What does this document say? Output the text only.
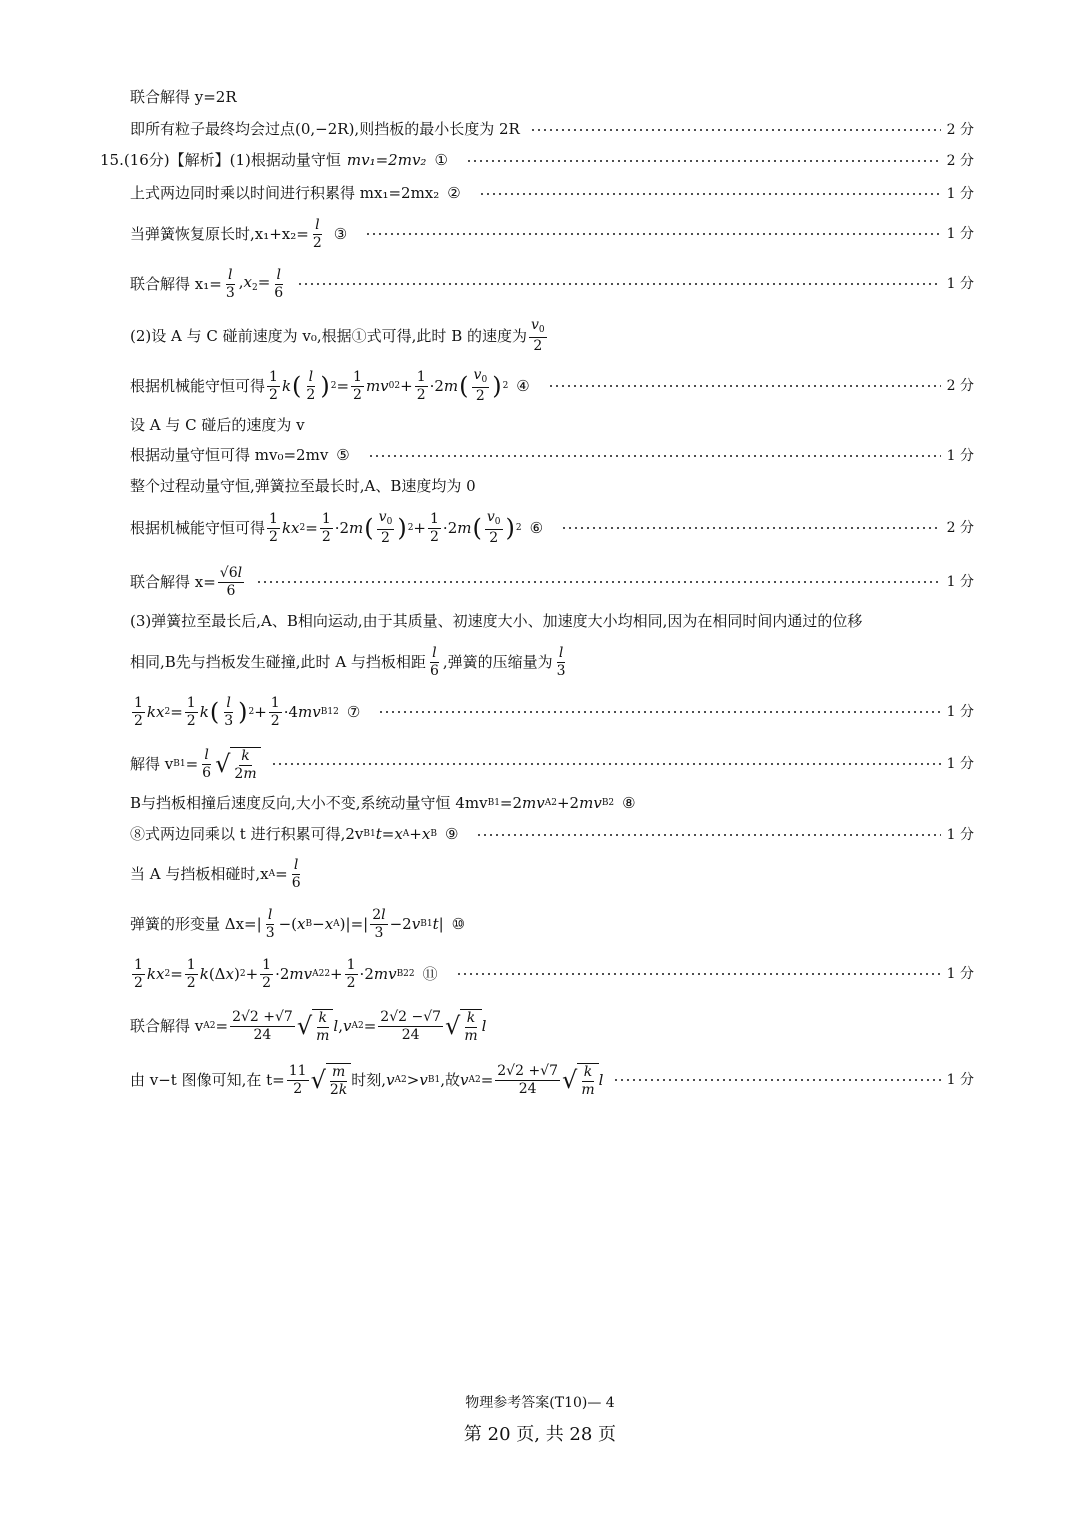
联合解得 y=2R
即所有粒子最终均会过点(0,−2R),则挡板的最小长度为 2R	2 分
15. (16分)【解析】(1)根据动量守恒 mv₁=2mv₂ ①	2 分
上式两边同时乘以时间进行积累得 mx₁=2mx₂ ②	1 分
当弹簧恢复原长时$,x_1+x_2= \frac{l}{2}$ ③	1 分
联合解得 $x_1= \frac{l}{3} ,x_2= \frac{l}{6}$	1 分
(2)设 A 与 C 碰前速度为 v₀,根据①式可得,此时 B 的速度为 $\frac{v_0}{2}$
根据机械能守恒可得 $\frac{1}{2}$ k ( $\frac{l}{2}$ ) $2 = \frac{1}{2}$ mv 0 $2 + \frac{1}{2} \cdot 2$ m ( $\frac{v_0}{2}$ ) 2 ④	2 分
设 A 与 C 碰后的速度为 v
根据动量守恒可得 mv₀=2mv ⑤	1 分
整个过程动量守恒,弹簧拉至最长时,A、B速度均为 0
根据机械能守恒可得 $\frac{1}{2}$ kx $2 = \frac{1}{2} \cdot 2$ m ( $\frac{v_0}{2}$ ) $2 + \frac{1}{2} \cdot 2$ m ( $\frac{v_0}{2}$ ) 2 ⑥	2 分
联合解得 $x= \frac{√6l}{6}$	1 分
(3)弹簧拉至最长后,A、B相向运动,由于其质量、初速度大小、加速度大小均相同,因为在相同时间内通过的位移
相同,B先与挡板发生碰撞,此时 A 与挡板相距 $\frac{l}{6}$ ,弹簧的压缩量为 $\frac{l}{3}$
$\frac{1}{2}$ kx $2 = \frac{1}{2}$ k ( $\frac{l}{3}$ ) $2 + \frac{1}{2} \cdot 4$ mv B1 2 ⑦	1 分
解得 v $B1 = \frac{l}{6}$ √ $\frac{k}{2m}$	1 分
B与挡板相撞后速度反向,大小不变,系统动量守恒 4mv B1 =2 mv A2 +2 mv B2 ⑧
⑧式两边同乘以 t 进行积累可得,2v B1 t = x A + x B ⑨	1 分
当 A 与挡板相碰时,x $A = \frac{l}{6}$
弹簧的形变量 $\Delta x=| \frac{l}{3}$ −( x B − x A )|=| $\frac{2l}{3} -2$ v B1 t | ⑩
$\frac{1}{2}$ kx $2 = \frac{1}{2}$ k (Δ x ) $2 + \frac{1}{2} \cdot 2$ mv A2 $2 + \frac{1}{2} \cdot 2$ mv B2 2 ⑪	1 分
联合解得 v $A2 = \frac{2√2 +√7}{24}$ √ $\frac{k}{m}$ l , v $A2 = \frac{2√2 -√7}{24}$ √ $\frac{k}{m}$ l
由 v−t 图像可知,在 $t= \frac{11}{2}$ √ $\frac{m}{2k}$ 时刻, v A2 > v B1 ,故 v $A2 = \frac{2√2 +√7}{24}$ √ $\frac{k}{m}$ l	1 分
物理参考答案(T10)— 4
第 20 页, 共 28 页
